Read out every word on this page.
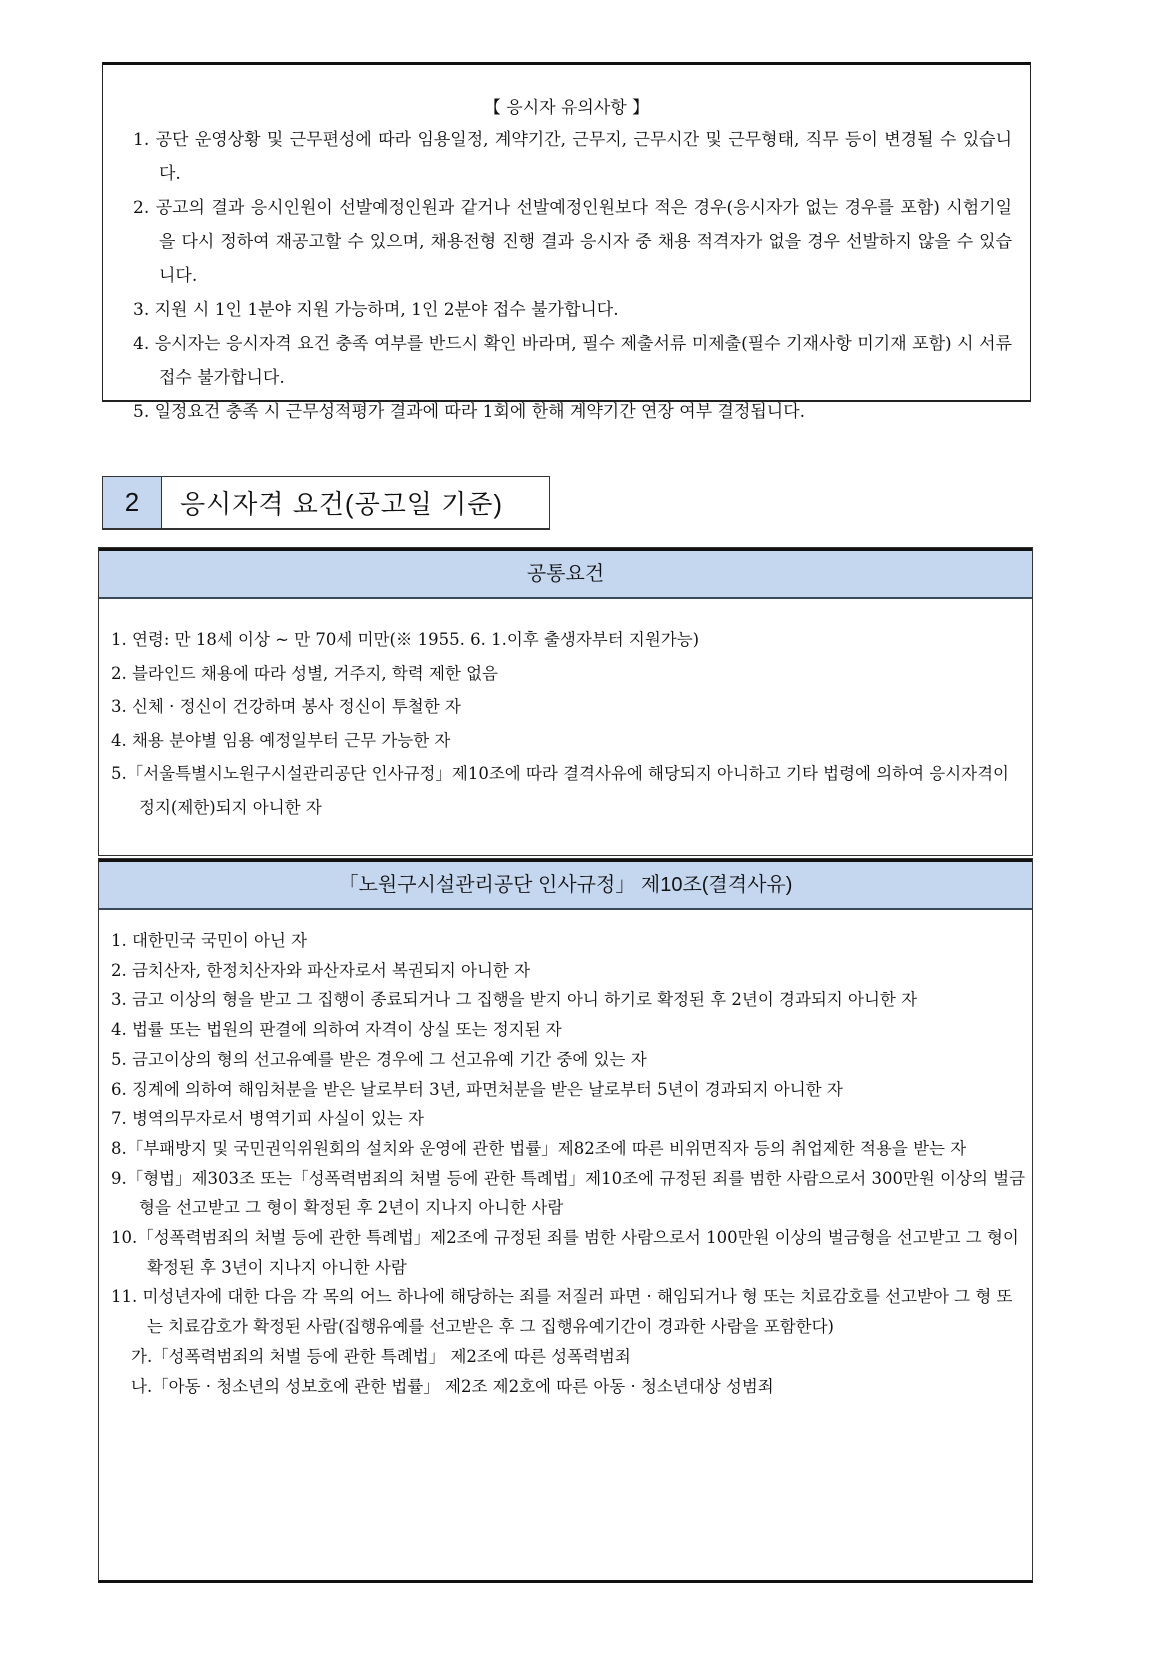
【 응시자 유의사항 】
1. 공단 운영상황 및 근무편성에 따라 임용일정, 계약기간, 근무지, 근무시간 및 근무형태, 직무 등이 변경될 수 있습니다.
2. 공고의 결과 응시인원이 선발예정인원과 같거나 선발예정인원보다 적은 경우(응시자가 없는 경우를 포함) 시험기일을 다시 정하여 재공고할 수 있으며, 채용전형 진행 결과 응시자 중 채용 적격자가 없을 경우 선발하지 않을 수 있습니다.
3. 지원 시 1인 1분야 지원 가능하며, 1인 2분야 접수 불가합니다.
4. 응시자는 응시자격 요건 충족 여부를 반드시 확인 바라며, 필수 제출서류 미제출(필수 기재사항 미기재 포함) 시 서류 접수 불가합니다.
5. 일정요건 충족 시 근무성적평가 결과에 따라 1회에 한해 계약기간 연장 여부 결정됩니다.
2	응시자격 요건(공고일 기준)
공통요건
1. 연령: 만 18세 이상 ~ 만 70세 미만(※ 1955. 6. 1.이후 출생자부터 지원가능)
2. 블라인드 채용에 따라 성별, 거주지, 학력 제한 없음
3. 신체 · 정신이 건강하며 봉사 정신이 투철한 자
4. 채용 분야별 임용 예정일부터 근무 가능한 자
5.「서울특별시노원구시설관리공단 인사규정」제10조에 따라 결격사유에 해당되지 아니하고 기타 법령에 의하여 응시자격이 정지(제한)되지 아니한 자
「노원구시설관리공단 인사규정」 제10조(결격사유)
1. 대한민국 국민이 아닌 자
2. 금치산자, 한정치산자와 파산자로서 복권되지 아니한 자
3. 금고 이상의 형을 받고 그 집행이 종료되거나 그 집행을 받지 아니 하기로 확정된 후 2년이 경과되지 아니한 자
4. 법률 또는 법원의 판결에 의하여 자격이 상실 또는 정지된 자
5. 금고이상의 형의 선고유예를 받은 경우에 그 선고유예 기간 중에 있는 자
6. 징계에 의하여 해임처분을 받은 날로부터 3년, 파면처분을 받은 날로부터 5년이 경과되지 아니한 자
7. 병역의무자로서 병역기피 사실이 있는 자
8.「부패방지 및 국민권익위원회의 설치와 운영에 관한 법률」제82조에 따른 비위면직자 등의 취업제한 적용을 받는 자
9.「형법」제303조 또는「성폭력범죄의 처벌 등에 관한 특례법」제10조에 규정된 죄를 범한 사람으로서 300만원 이상의 벌금형을 선고받고 그 형이 확정된 후 2년이 지나지 아니한 사람
10.「성폭력범죄의 처벌 등에 관한 특례법」제2조에 규정된 죄를 범한 사람으로서 100만원 이상의 벌금형을 선고받고 그 형이 확정된 후 3년이 지나지 아니한 사람
11. 미성년자에 대한 다음 각 목의 어느 하나에 해당하는 죄를 저질러 파면 · 해임되거나 형 또는 치료감호를 선고받아 그 형 또는 치료감호가 확정된 사람(집행유예를 선고받은 후 그 집행유예기간이 경과한 사람을 포함한다)
가.「성폭력범죄의 처벌 등에 관한 특례법」 제2조에 따른 성폭력범죄
나.「아동 · 청소년의 성보호에 관한 법률」 제2조 제2호에 따른 아동 · 청소년대상 성범죄
